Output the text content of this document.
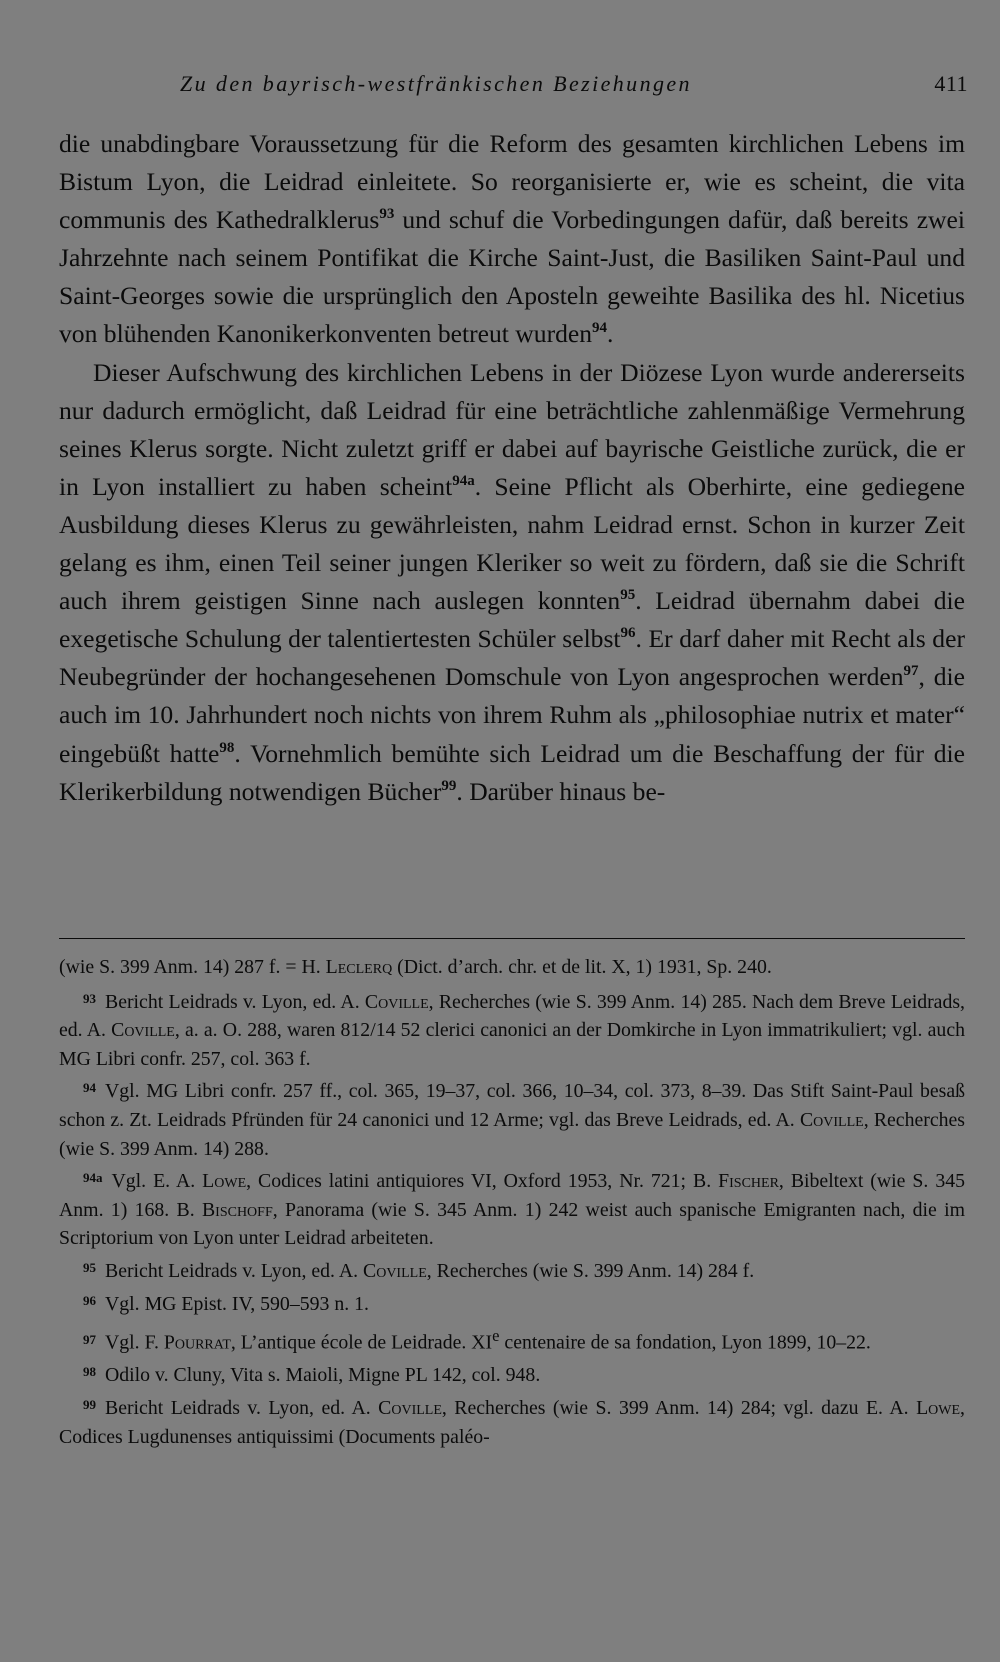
Zu den bayrisch-westfränkischen Beziehungen	411

die unabdingbare Voraussetzung für die Reform des gesamten kirchlichen Lebens im Bistum Lyon, die Leidrad einleitete. So reorganisierte er, wie es scheint, die vita communis des Kathedralklerus$^{93}$ und schuf die Vorbedingungen dafür, daß bereits zwei Jahrzehnte nach seinem Pontifikat die Kirche Saint-Just, die Basiliken Saint-Paul und Saint-Georges sowie die ursprünglich den Aposteln geweihte Basilika des hl. Nicetius von blühenden Kanonikerkonventen betreut wurden$^{94}$.

Dieser Aufschwung des kirchlichen Lebens in der Diözese Lyon wurde andererseits nur dadurch ermöglicht, daß Leidrad für eine beträchtliche zahlenmäßige Vermehrung seines Klerus sorgte. Nicht zuletzt griff er dabei auf bayrische Geistliche zurück, die er in Lyon installiert zu haben scheint$^{94a}$. Seine Pflicht als Oberhirte, eine gediegene Ausbildung dieses Klerus zu gewährleisten, nahm Leidrad ernst. Schon in kurzer Zeit gelang es ihm, einen Teil seiner jungen Kleriker so weit zu fördern, daß sie die Schrift auch ihrem geistigen Sinne nach auslegen konnten$^{95}$. Leidrad übernahm dabei die exegetische Schulung der talentiertesten Schüler selbst$^{96}$. Er darf daher mit Recht als der Neubegründer der hochangesehenen Domschule von Lyon angesprochen werden$^{97}$, die auch im 10. Jahrhundert noch nichts von ihrem Ruhm als „philosophiae nutrix et mater“ eingebüßt hatte$^{98}$. Vornehmlich bemühte sich Leidrad um die Beschaffung der für die Klerikerbildung notwendigen Bücher$^{99}$. Darüber hinaus be-

(wie S. 399 Anm. 14) 287 f. = H. Leclerq (Dict. d’arch. chr. et de lit. X, 1) 1931, Sp. 240.

$^{93}$ Bericht Leidrads v. Lyon, ed. A. Coville, Recherches (wie S. 399 Anm. 14) 285. Nach dem Breve Leidrads, ed. A. Coville, a. a. O. 288, waren 812/14 52 clerici canonici an der Domkirche in Lyon immatrikuliert; vgl. auch MG Libri confr. 257, col. 363 f.

$^{94}$ Vgl. MG Libri confr. 257 ff., col. 365, 19–37, col. 366, 10–34, col. 373, 8–39. Das Stift Saint-Paul besaß schon z. Zt. Leidrads Pfründen für 24 canonici und 12 Arme; vgl. das Breve Leidrads, ed. A. Coville, Recherches (wie S. 399 Anm. 14) 288.

$^{94a}$ Vgl. E. A. Lowe, Codices latini antiquiores VI, Oxford 1953, Nr. 721; B. Fischer, Bibeltext (wie S. 345 Anm. 1) 168. B. Bischoff, Panorama (wie S. 345 Anm. 1) 242 weist auch spanische Emigranten nach, die im Scriptorium von Lyon unter Leidrad arbeiteten.

$^{95}$ Bericht Leidrads v. Lyon, ed. A. Coville, Recherches (wie S. 399 Anm. 14) 284 f.

$^{96}$ Vgl. MG Epist. IV, 590–593 n. 1.

$^{97}$ Vgl. F. Pourrat, L’antique école de Leidrade. XIe centenaire de sa fondation, Lyon 1899, 10–22.

$^{98}$ Odilo v. Cluny, Vita s. Maioli, Migne PL 142, col. 948.

$^{99}$ Bericht Leidrads v. Lyon, ed. A. Coville, Recherches (wie S. 399 Anm. 14) 284; vgl. dazu E. A. Lowe, Codices Lugdunenses antiquissimi (Documents paléo-
